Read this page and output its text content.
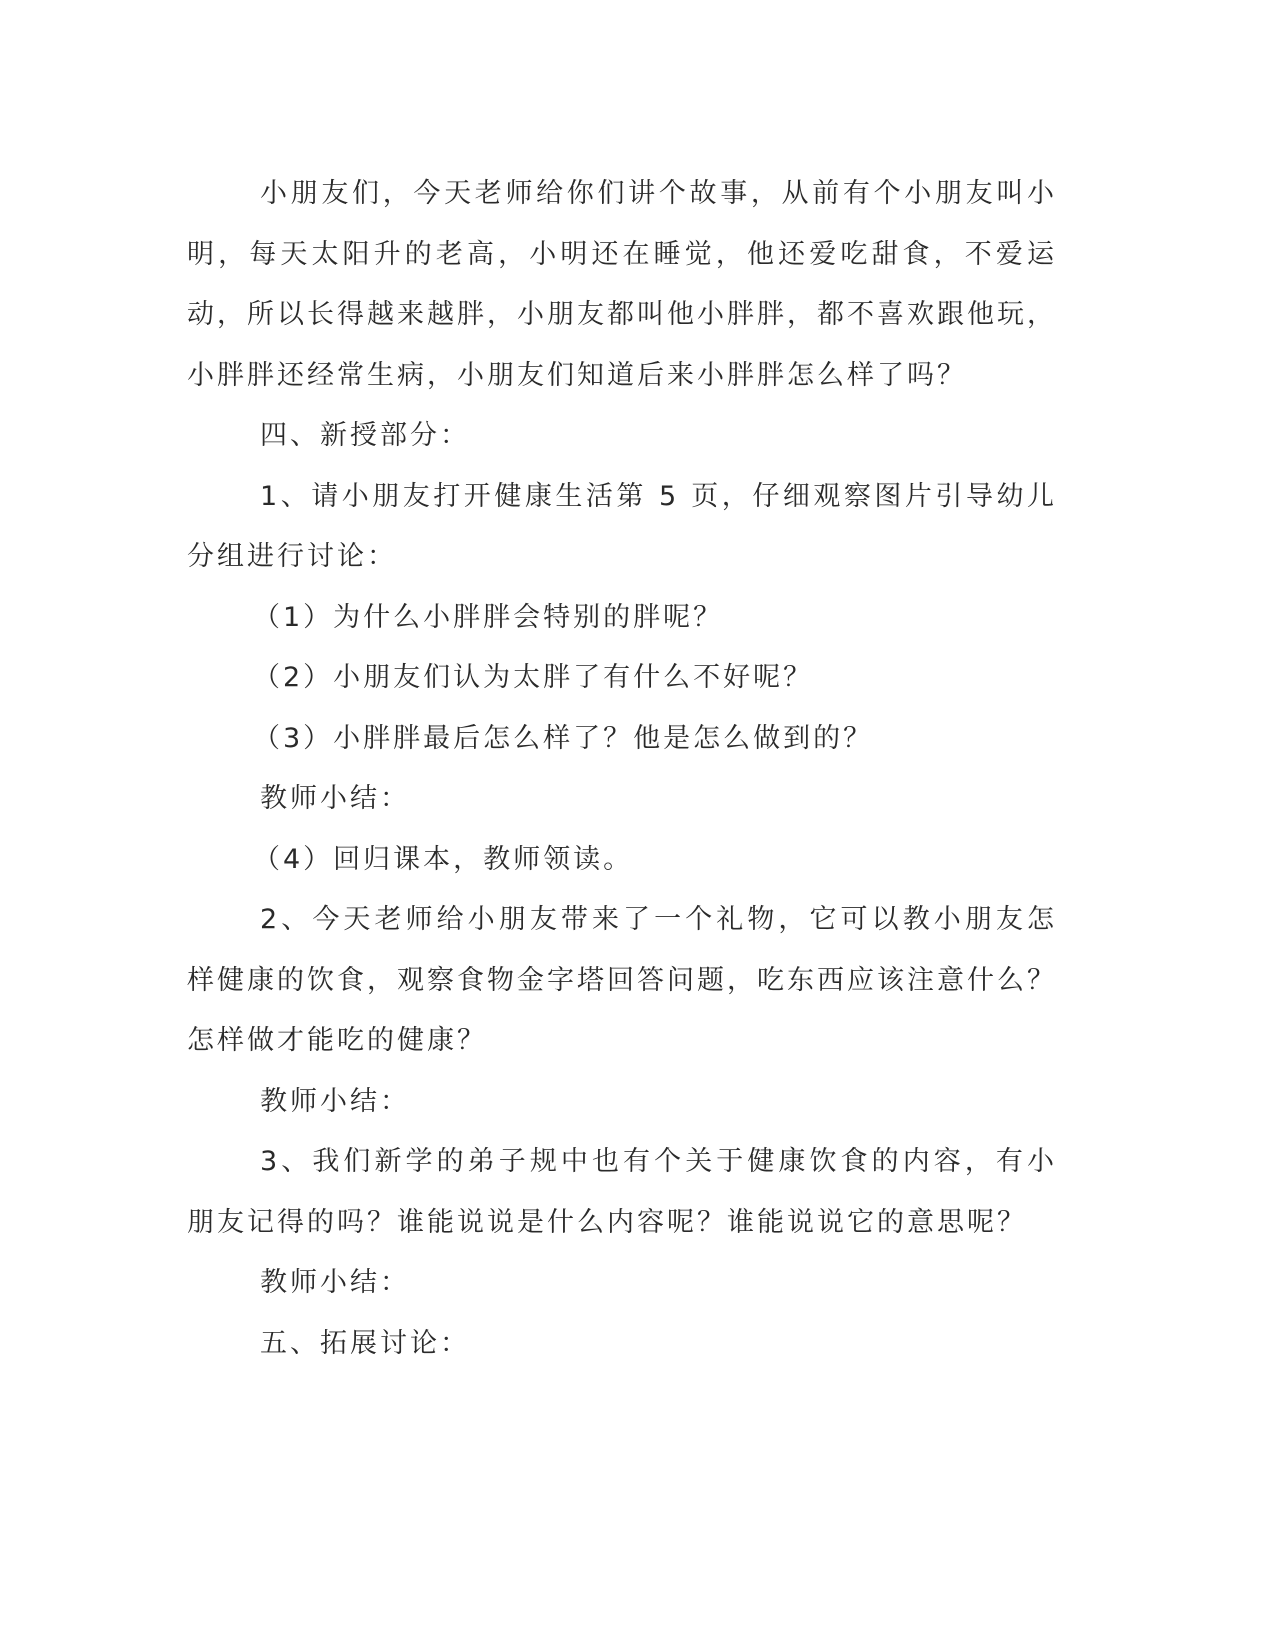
小朋友们，今天老师给你们讲个故事，从前有个小朋友叫小明，每天太阳升的老高，小明还在睡觉，他还爱吃甜食，不爱运动，所以长得越来越胖，小朋友都叫他小胖胖，都不喜欢跟他玩，小胖胖还经常生病，小朋友们知道后来小胖胖怎么样了吗？

四、新授部分：

1、请小朋友打开健康生活第 5 页，仔细观察图片引导幼儿分组进行讨论：

（1）为什么小胖胖会特别的胖呢？

（2）小朋友们认为太胖了有什么不好呢？

（3）小胖胖最后怎么样了？他是怎么做到的？

教师小结：

（4）回归课本，教师领读。

2、今天老师给小朋友带来了一个礼物，它可以教小朋友怎样健康的饮食，观察食物金字塔回答问题，吃东西应该注意什么？怎样做才能吃的健康？

教师小结：

3、我们新学的弟子规中也有个关于健康饮食的内容，有小朋友记得的吗？谁能说说是什么内容呢？谁能说说它的意思呢？

教师小结：

五、拓展讨论：
